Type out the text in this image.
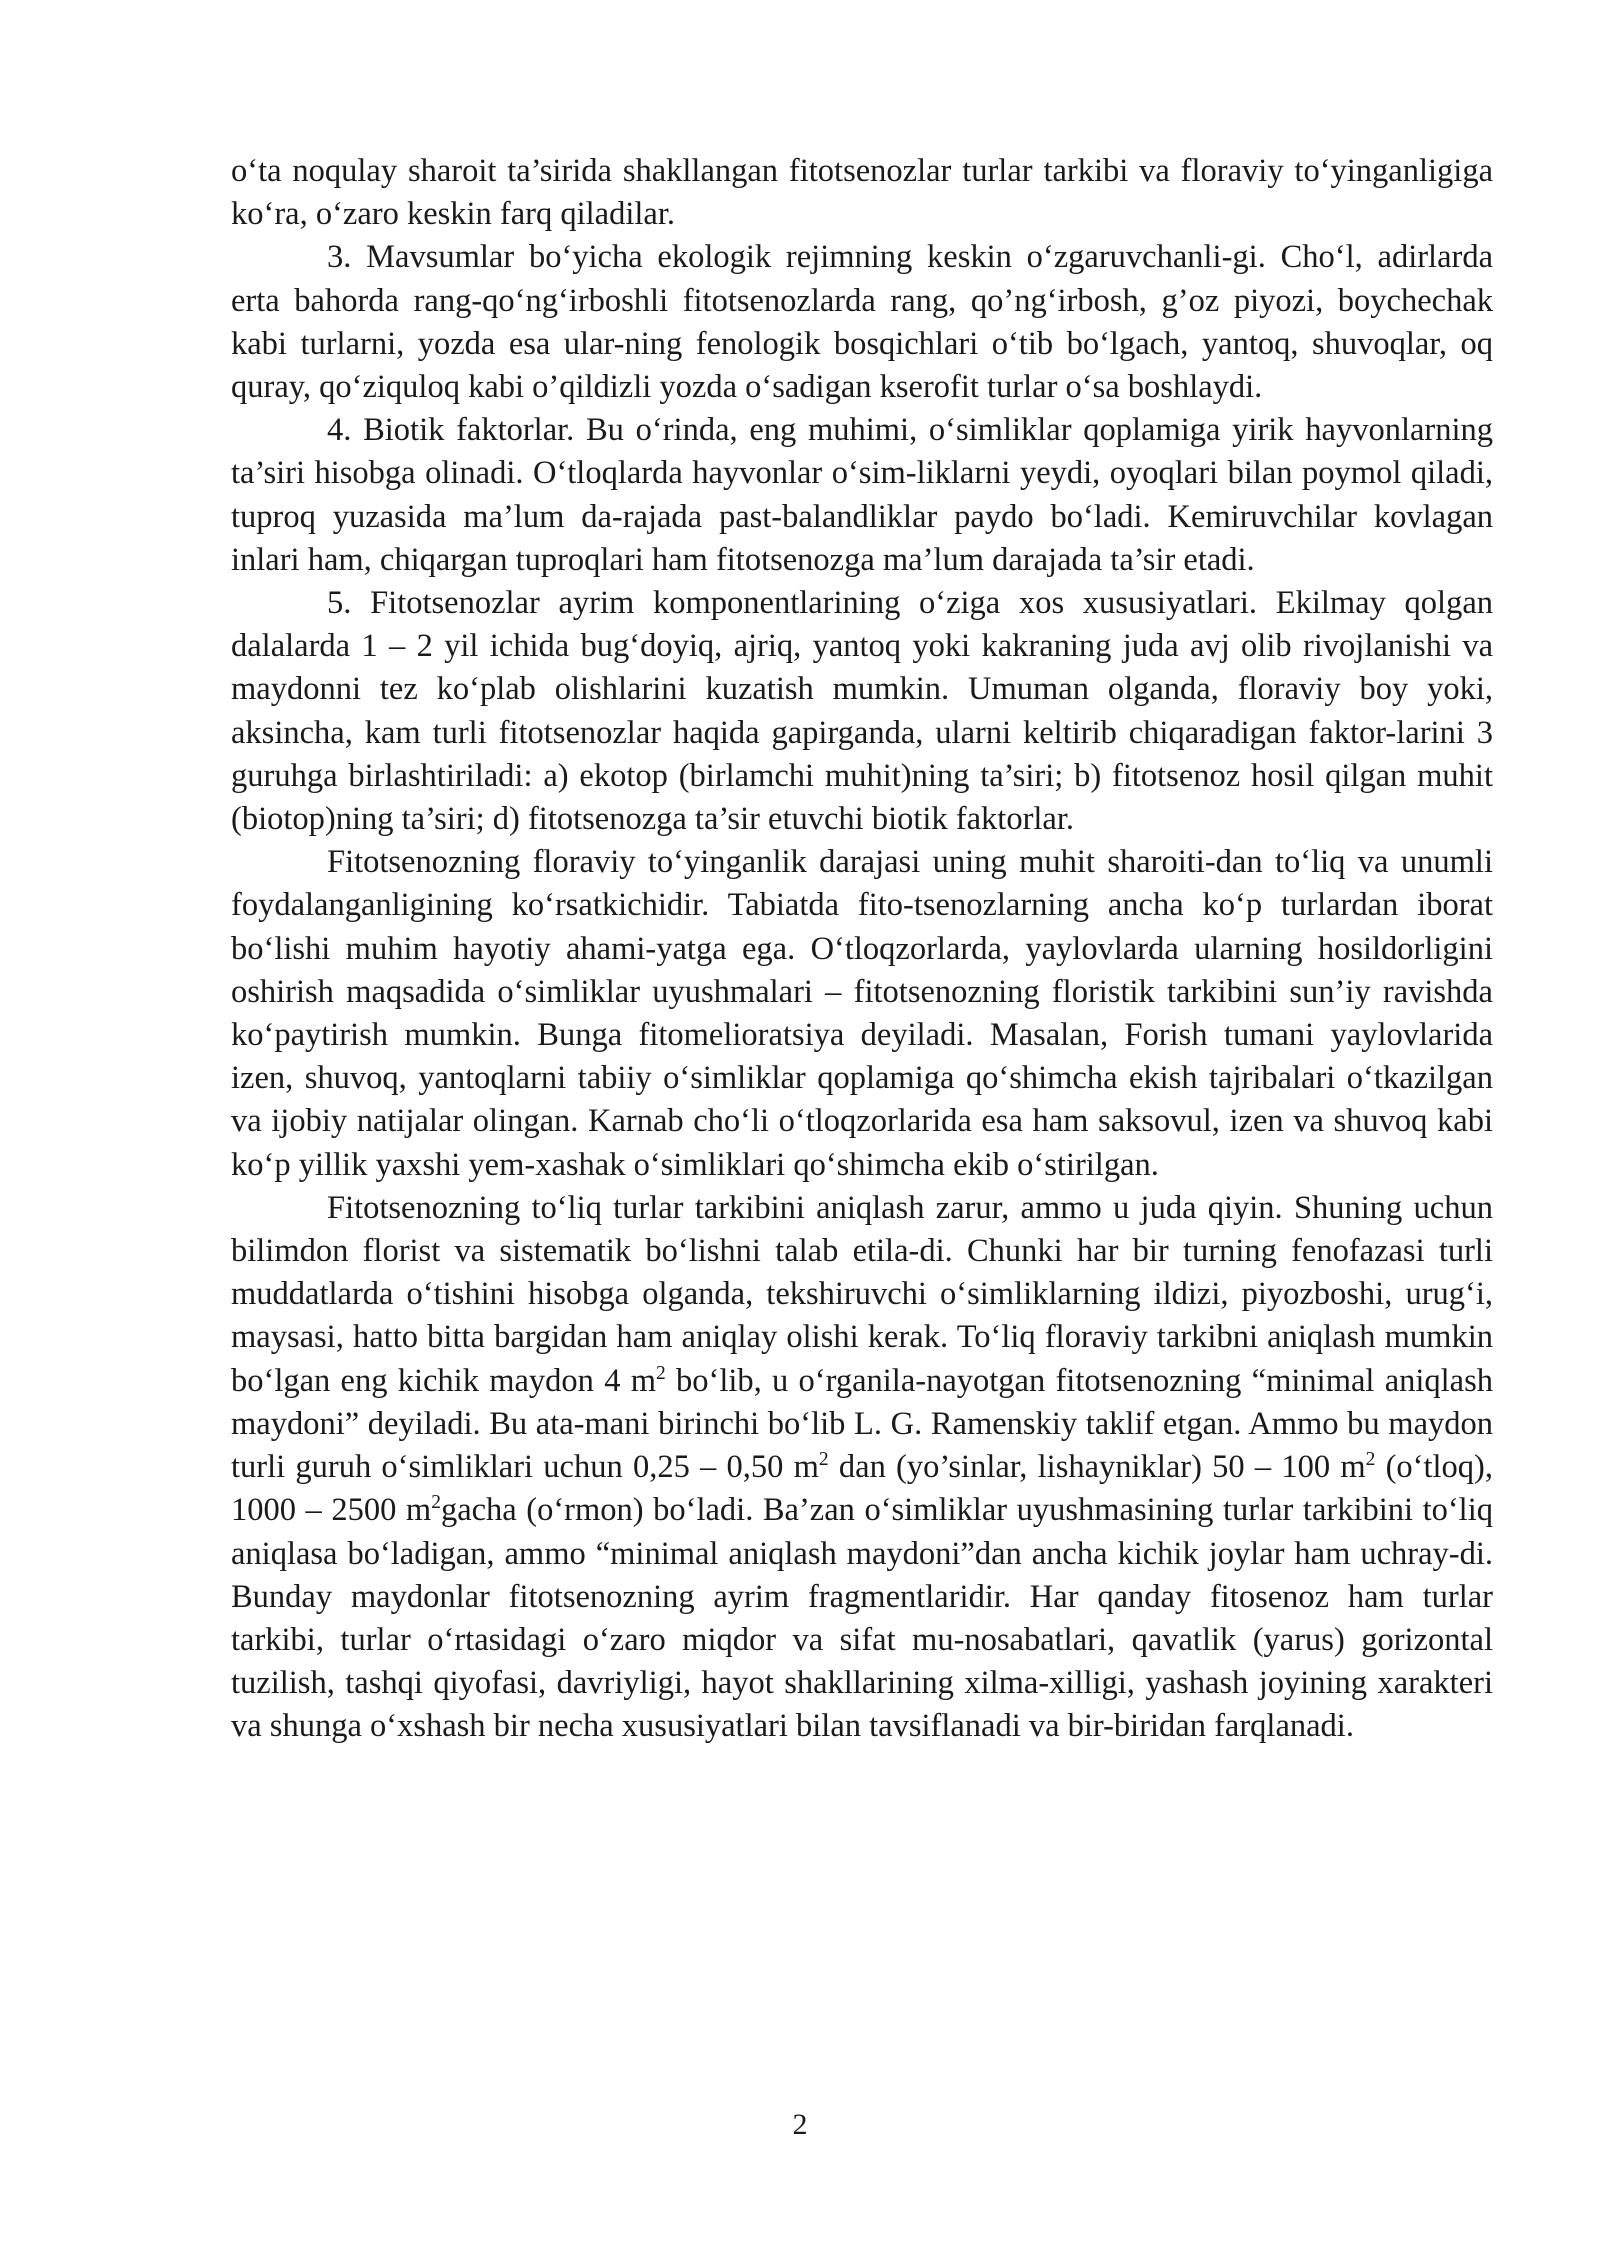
o‘ta noqulay sharoit ta’sirida shakllangan fitotsenozlar turlar tarkibi va floraviy to‘yinganligiga ko‘ra, o‘zaro keskin farq qiladilar.

3. Mavsumlar bo‘yicha ekologik rejimning keskin o‘zgaruvchanli-gi. Cho‘l, adirlarda erta bahorda rang-qo‘ng‘irboshli fitotsenozlarda rang, qo’ng‘irbosh, g’oz piyozi, boychechak kabi turlarni, yozda esa ular-ning fenologik bosqichlari o‘tib bo‘lgach, yantoq, shuvoqlar, oq quray, qo‘ziquloq kabi o’qildizli yozda o‘sadigan kserofit turlar o‘sa boshlaydi.

4. Biotik faktorlar. Bu o‘rinda, eng muhimi, o‘simliklar qoplamiga yirik hayvonlarning ta’siri hisobga olinadi. O‘tloqlarda hayvonlar o‘sim-liklarni yeydi, oyoqlari bilan poymol qiladi, tuproq yuzasida ma’lum da-rajada past-balandliklar paydo bo‘ladi. Kemiruvchilar kovlagan inlari ham, chiqargan tuproqlari ham fitotsenozga ma’lum darajada ta’sir etadi.

5. Fitotsenozlar ayrim komponentlarining o‘ziga xos xususiyatlari. Ekilmay qolgan dalalarda 1 – 2 yil ichida bug‘doyiq, ajriq, yantoq yoki kakraning juda avj olib rivojlanishi va maydonni tez ko‘plab olishlarini kuzatish mumkin. Umuman olganda, floraviy boy yoki, aksincha, kam turli fitotsenozlar haqida gapirganda, ularni keltirib chiqaradigan faktor-larini 3 guruhga birlashtiriladi: a) ekotop (birlamchi muhit)ning ta’siri; b) fitotsenoz hosil qilgan muhit (biotop)ning ta’siri; d) fitotsenozga ta’sir etuvchi biotik faktorlar.

Fitotsenozning floraviy to‘yinganlik darajasi uning muhit sharoiti-dan to‘liq va unumli foydalanganligining ko‘rsatkichidir. Tabiatda fito-tsenozlarning ancha ko‘p turlardan iborat bo‘lishi muhim hayotiy ahami-yatga ega. O‘tloqzorlarda, yaylovlarda ularning hosildorligini oshirish maqsadida o‘simliklar uyushmalari – fitotsenozning floristik tarkibini sun’iy ravishda ko‘paytirish mumkin. Bunga fitomelioratsiya deyiladi. Masalan, Forish tumani yaylovlarida izen, shuvoq, yantoqlarni tabiiy o‘simliklar qoplamiga qo‘shimcha ekish tajribalari o‘tkazilgan va ijobiy natijalar olingan. Karnab cho‘li o‘tloqzorlarida esa ham saksovul, izen va shuvoq kabi ko‘p yillik yaxshi yem-xashak o‘simliklari qo‘shimcha ekib o‘stirilgan.

Fitotsenozning to‘liq turlar tarkibini aniqlash zarur, ammo u juda qiyin. Shuning uchun bilimdon florist va sistematik bo‘lishni talab etila-di. Chunki har bir turning fenofazasi turli muddatlarda o‘tishini hisobga olganda, tekshiruvchi o‘simliklarning ildizi, piyozboshi, urug‘i, maysasi, hatto bitta bargidan ham aniqlay olishi kerak. To‘liq floraviy tarkibni aniqlash mumkin bo‘lgan eng kichik maydon 4 $m^2$ bo‘lib, u o‘rganila-nayotgan fitotsenozning “minimal aniqlash maydoni” deyiladi. Bu ata-mani birinchi bo‘lib L. G. Ramenskiy taklif etgan. Ammo bu maydon turli guruh o‘simliklari uchun 0,25 – 0,50 $m^2$ dan (yo’sinlar, lishayniklar) 50 – 100 $m^2$ (o‘tloq), 1000 – 2500 $m^2gacha$ (o‘rmon) bo‘ladi. Ba’zan o‘simliklar uyushmasining turlar tarkibini to‘liq aniqlasa bo‘ladigan, ammo “minimal aniqlash maydoni”dan ancha kichik joylar ham uchray-di. Bunday maydonlar fitotsenozning ayrim fragmentlaridir. Har qanday fitosenoz ham turlar tarkibi, turlar o‘rtasidagi o‘zaro miqdor va sifat mu-nosabatlari, qavatlik (yarus) gorizontal tuzilish, tashqi qiyofasi, davriyligi, hayot shakllarining xilma-xilligi, yashash joyining xarakteri va shunga o‘xshash bir necha xususiyatlari bilan tavsiflanadi va bir-biridan farqlanadi.

2
